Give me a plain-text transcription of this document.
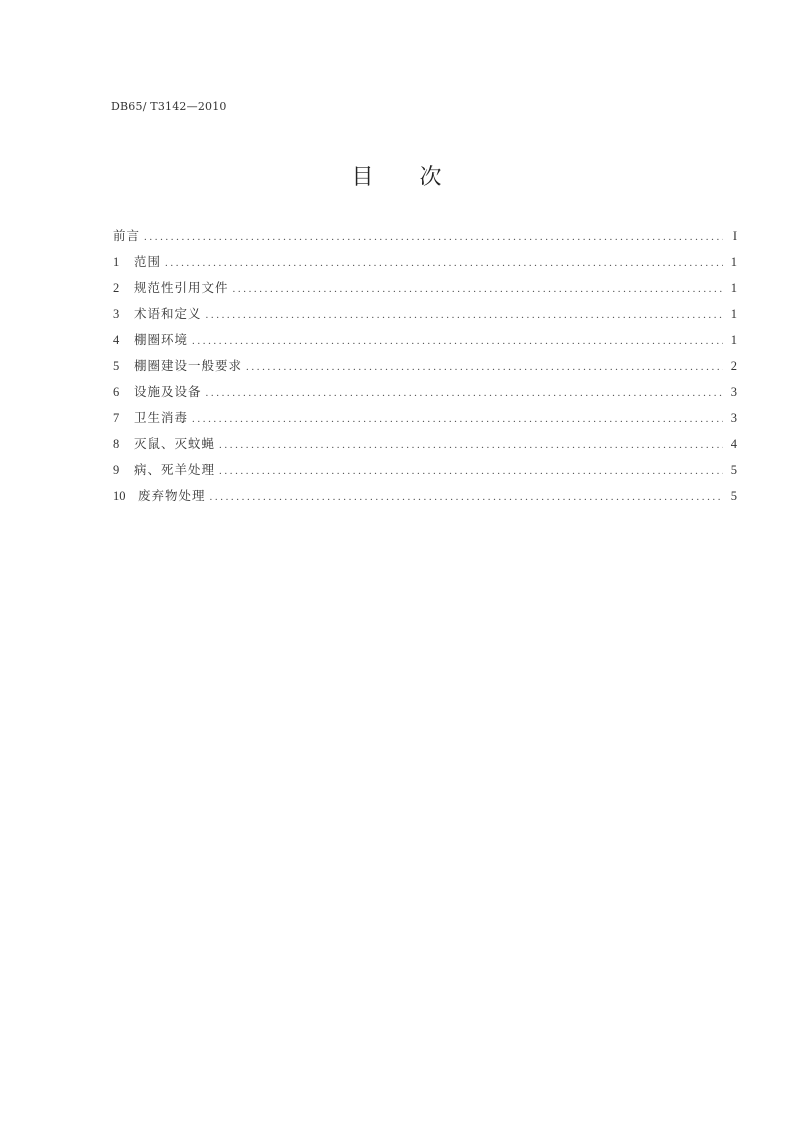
DB65/ T3142—2010
目 次
前言 .....	I
1	范围 .....	1
2	规范性引用文件 .....	1
3	术语和定义 .....	1
4	棚圈环境 .....	1
5	棚圈建设一般要求 .....	2
6	设施及设备 .....	3
7	卫生消毒 .....	3
8	灭鼠、灭蚊蝇 .....	4
9	病、死羊处理 .....	5
10	废弃物处理 .....	5
